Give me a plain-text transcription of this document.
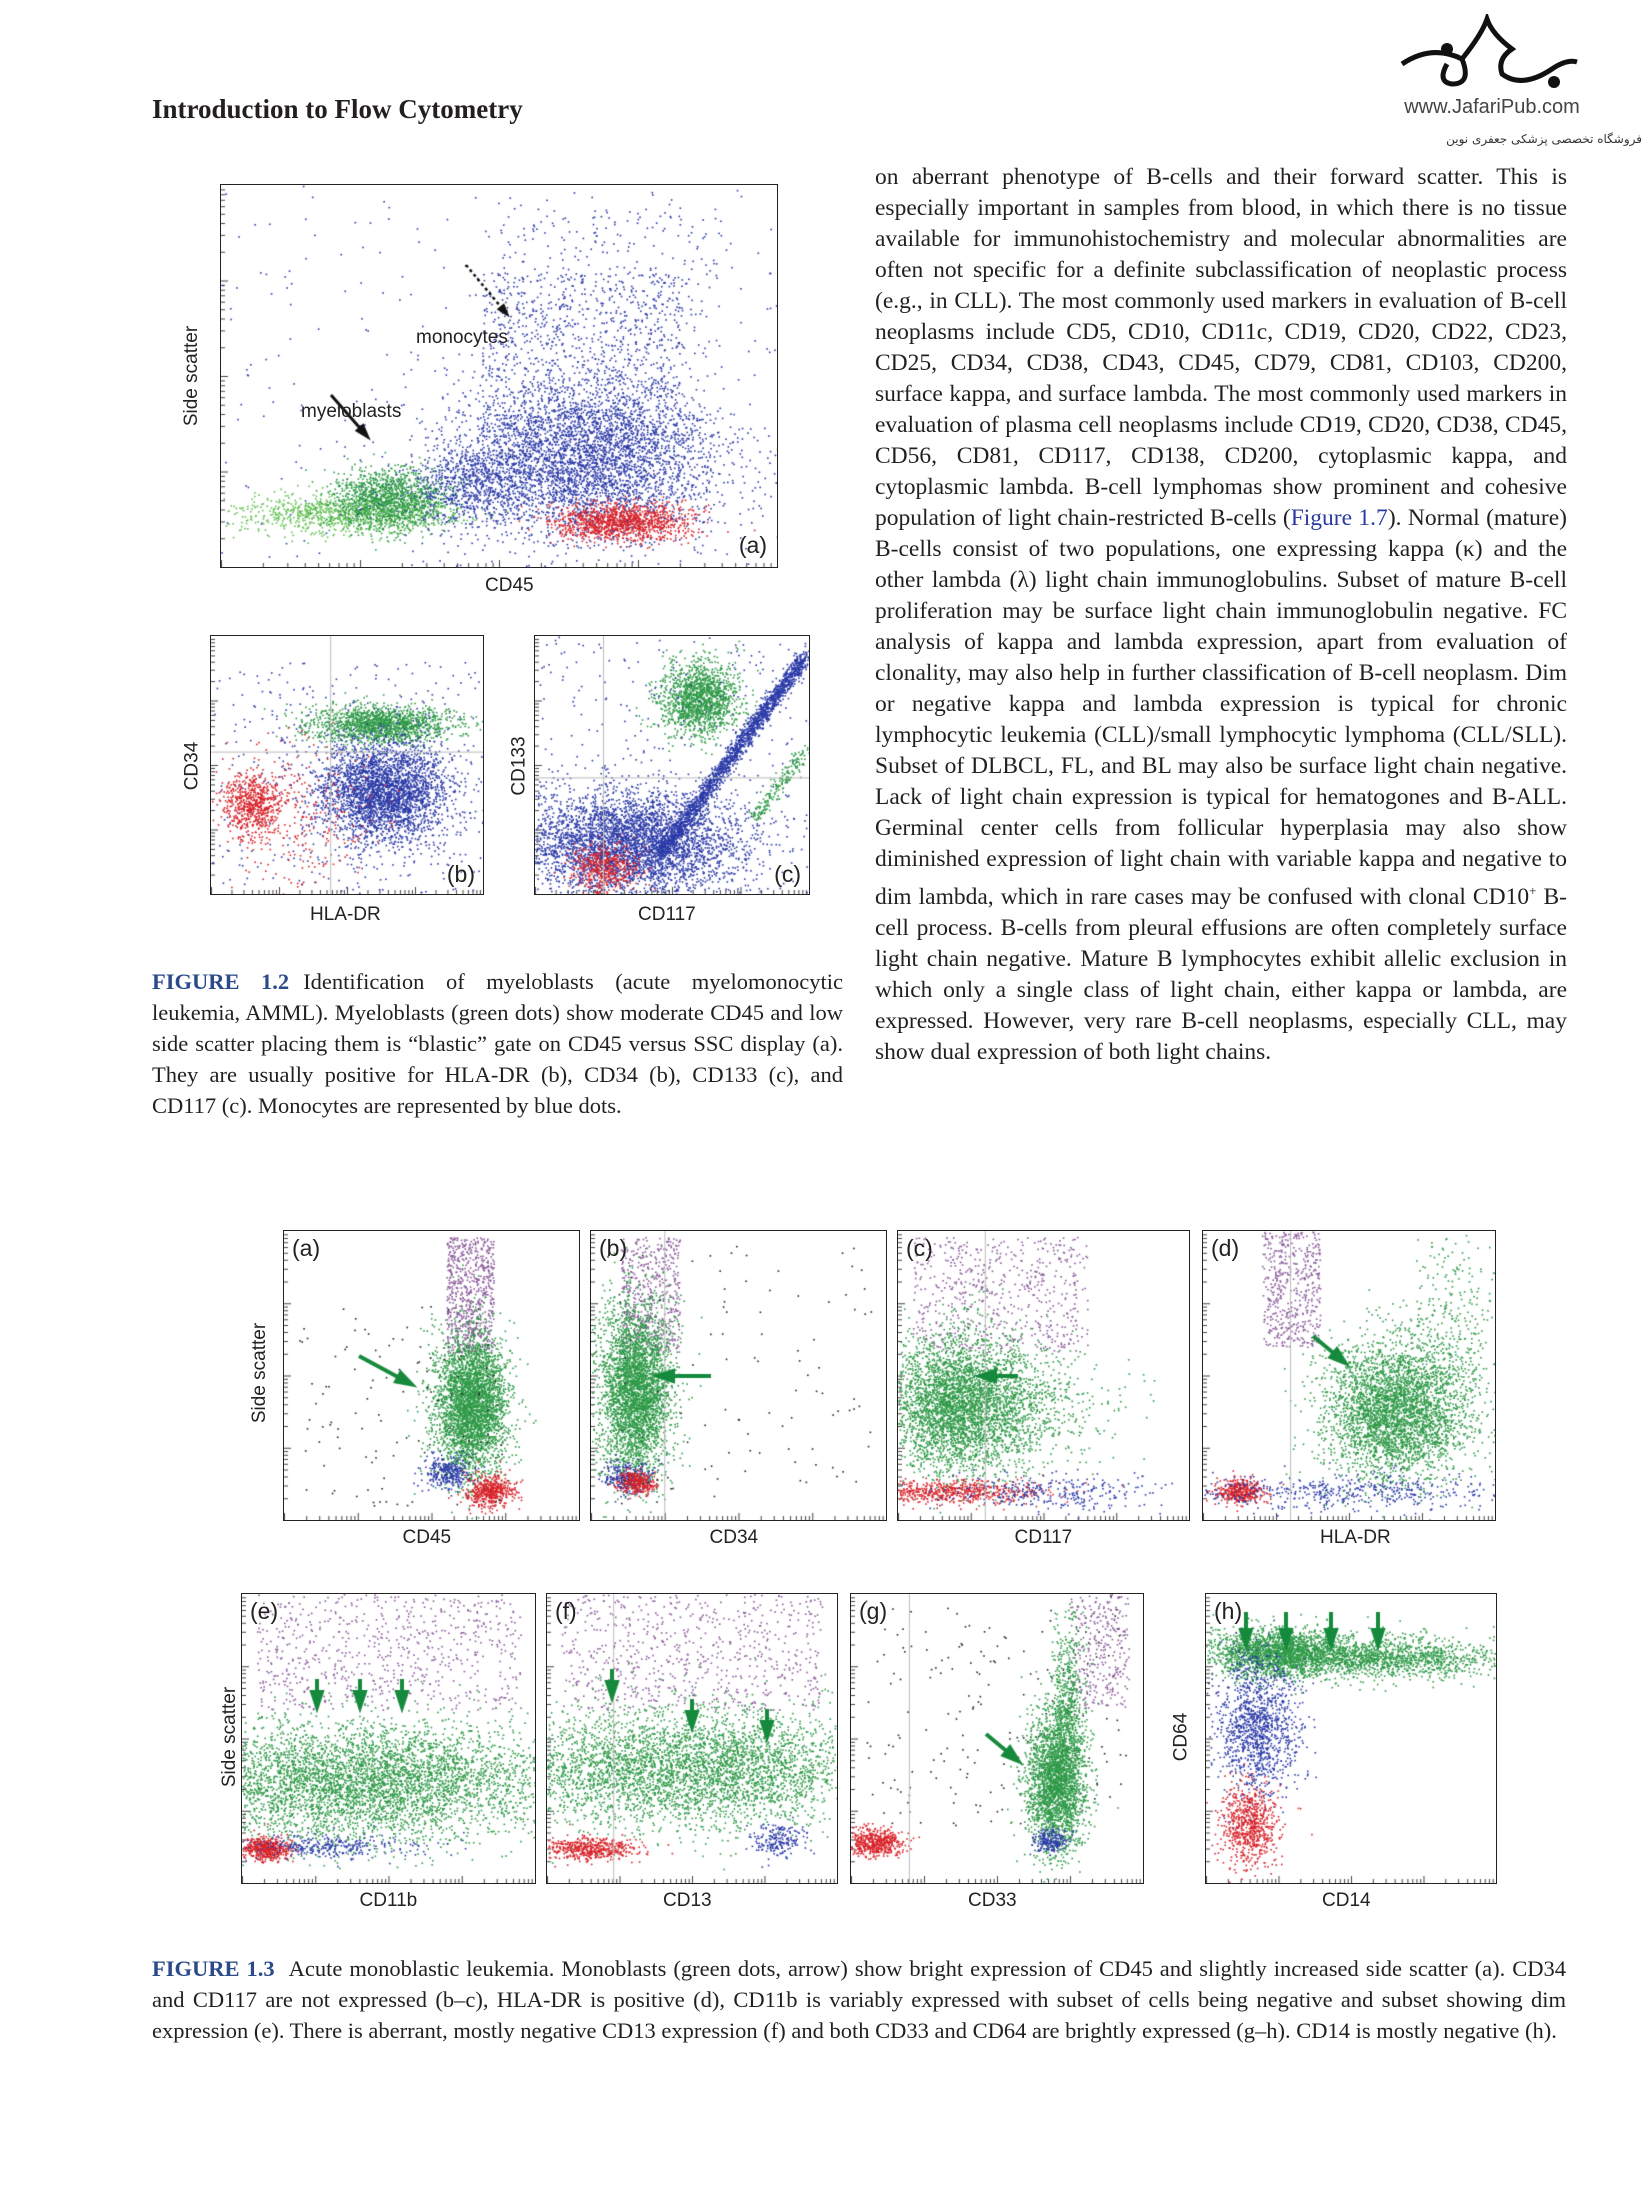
Introduction to Flow Cytometry	www.JafariPub.com
فروشگاه تخصصی پزشکی جعفری نوین
(a)
monocytes
myeloblasts
Side scatter
CD45
(b)
CD34
HLA-DR
(c)
CD133
CD117
FIGURE 1.2 Identification of myeloblasts (acute myelomonocytic leukemia, AMML). Myeloblasts (green dots) show moderate CD45 and low side scatter placing them is “blastic” gate on CD45 versus SSC display (a). They are usually positive for HLA-DR (b), CD34 (b), CD133 (c), and CD117 (c). Monocytes are represented by blue dots.

on aberrant phenotype of B-cells and their forward scatter. This is especially important in samples from blood, in which there is no tissue available for immunohistochemistry and molecular abnormalities are often not specific for a definite subclassification of neoplastic process (e.g., in CLL). The most commonly used markers in evaluation of B-cell neoplasms include CD5, CD10, CD11c, CD19, CD20, CD22, CD23, CD25, CD34, CD38, CD43, CD45, CD79, CD81, CD103, CD200, surface kappa, and surface lambda. The most commonly used markers in evaluation of plasma cell neoplasms include CD19, CD20, CD38, CD45, CD56, CD81, CD117, CD138, CD200, cytoplasmic kappa, and cytoplasmic lambda. B-cell lymphomas show prominent and cohesive population of light chain-restricted B-cells (Figure 1.7). Normal (mature) B-cells consist of two populations, one expressing kappa (κ) and the other lambda (λ) light chain immunoglobulins. Subset of mature B-cell proliferation may be surface light chain immunoglobulin negative. FC analysis of kappa and lambda expression, apart from evaluation of clonality, may also help in further classification of B-cell neoplasm. Dim or negative kappa and lambda expression is typical for chronic lymphocytic leukemia (CLL)/small lymphocytic lymphoma (CLL/SLL). Subset of DLBCL, FL, and BL may also be surface light chain negative. Lack of light chain expression is typical for hematogones and B-ALL. Germinal center cells from follicular hyperplasia may also show diminished expression of light chain with variable kappa and negative to dim lambda, which in rare cases may be confused with clonal CD10+ B-cell process. B-cells from pleural effusions are often completely surface light chain negative. Mature B lymphocytes exhibit allelic exclusion in which only a single class of light chain, either kappa or lambda, are expressed. However, very rare B-cell neoplasms, especially CLL, may show dual expression of both light chains.

(a)
CD45
(b)
CD34
(c)
CD117
(d)
HLA-DR
(e)
CD11b
(f)
CD13
(g)
CD33
(h)
CD14
Side scatter
Side scatter	CD64
FIGURE 1.3 Acute monoblastic leukemia. Monoblasts (green dots, arrow) show bright expression of CD45 and slightly increased side scatter (a). CD34 and CD117 are not expressed (b–c), HLA-DR is positive (d), CD11b is variably expressed with subset of cells being negative and subset showing dim expression (e). There is aberrant, mostly negative CD13 expression (f) and both CD33 and CD64 are brightly expressed (g–h). CD14 is mostly negative (h).
